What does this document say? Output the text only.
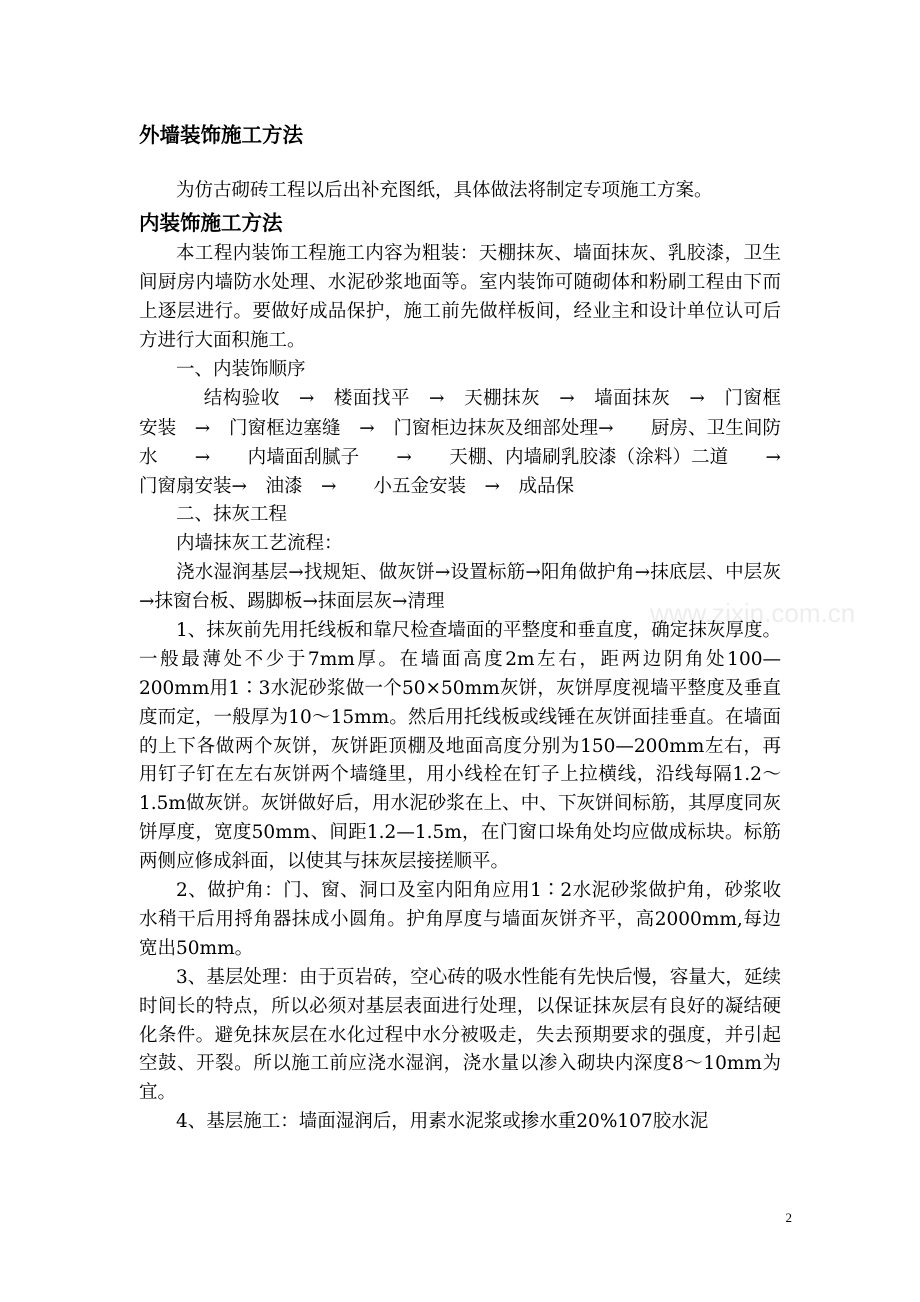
www.zixin.com.cn
外墙装饰施工方法

为仿古砌砖工程以后出补充图纸，具体做法将制定专项施工方案。

内装饰施工方法

本工程内装饰工程施工内容为粗装：天棚抹灰、墙面抹灰、乳胶漆，卫生间厨房内墙防水处理、水泥砂浆地面等。室内装饰可随砌体和粉刷工程由下而上逐层进行。要做好成品保护，施工前先做样板间，经业主和设计单位认可后方进行大面积施工。

一、内装饰顺序

结构验收　→　楼面找平　→　天棚抹灰　→　墙面抹灰　→　门窗框安装　→　门窗框边塞缝　→　门窗柜边抹灰及细部处理→　　厨房、卫生间防水　　→　　内墙面刮腻子　　→　　天棚、内墙刷乳胶漆（涂料）二道　　→　门窗扇安装→　油漆　→　　小五金安装　→　成品保

二、抹灰工程

内墙抹灰工艺流程：

浇水湿润基层→找规矩、做灰饼→设置标筋→阳角做护角→抹底层、中层灰→抹窗台板、踢脚板→抹面层灰→清理

1、抹灰前先用托线板和靠尺检查墙面的平整度和垂直度，确定抹灰厚度。一般最薄处不少于7mm厚。在墙面高度2m左右，距两边阴角处100—200mm用1∶3水泥砂浆做一个50×50mm灰饼，灰饼厚度视墙平整度及垂直度而定，一般厚为10～15mm。然后用托线板或线锤在灰饼面挂垂直。在墙面的上下各做两个灰饼，灰饼距顶棚及地面高度分别为150—200mm左右，再用钉子钉在左右灰饼两个墙缝里，用小线栓在钉子上拉横线，沿线每隔1.2～1.5m做灰饼。灰饼做好后，用水泥砂浆在上、中、下灰饼间标筋，其厚度同灰饼厚度，宽度50mm、间距1.2—1.5m，在门窗口垛角处均应做成标块。标筋两侧应修成斜面，以使其与抹灰层接搓顺平。

2、做护角：门、窗、洞口及室内阳角应用1∶2水泥砂浆做护角，砂浆收水稍干后用捋角器抹成小圆角。护角厚度与墙面灰饼齐平，高2000mm,每边宽出50mm。

3、基层处理：由于页岩砖，空心砖的吸水性能有先快后慢，容量大，延续时间长的特点，所以必须对基层表面进行处理，以保证抹灰层有良好的凝结硬化条件。避免抹灰层在水化过程中水分被吸走，失去预期要求的强度，并引起空鼓、开裂。所以施工前应浇水湿润，浇水量以渗入砌块内深度8～10mm为宜。

4、基层施工：墙面湿润后，用素水泥浆或掺水重20%107胶水泥

2
